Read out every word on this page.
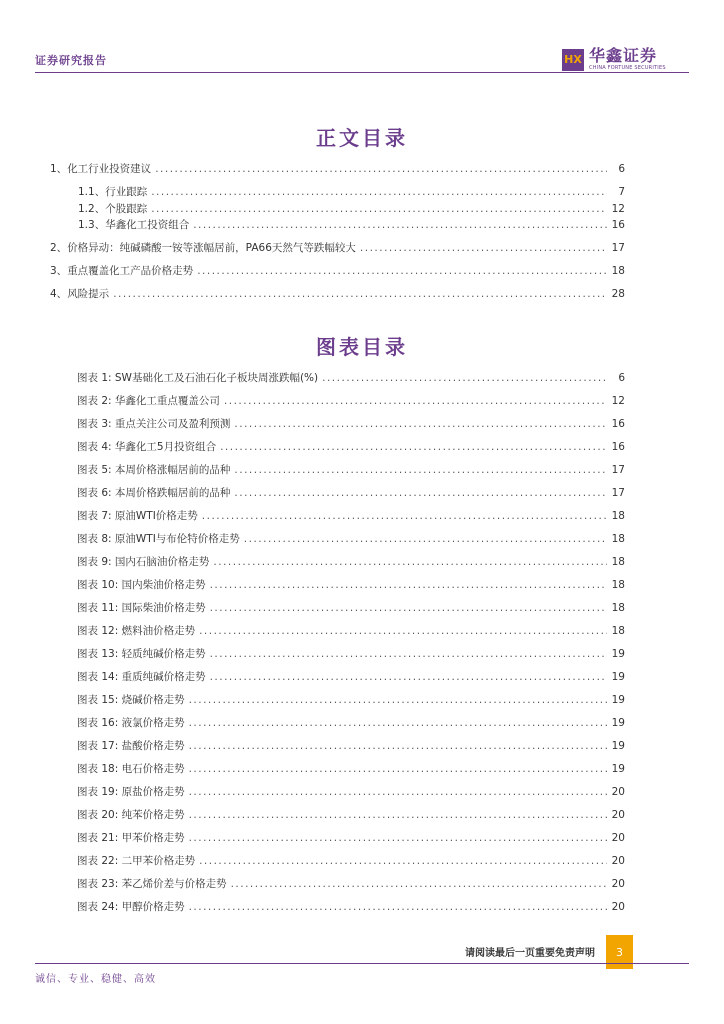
证券研究报告	HX 华鑫证券
CHINA FORTUNE SECURITIES
正文目录
1、 化工行业投资建议 .....	6
1.1、 行业跟踪 .....	7
1.2、 个股跟踪 .....	12
1.3、 华鑫化工投资组合 .....	16
2、 价格异动：纯碱磷酸一铵等涨幅居前，PA66天然气等跌幅较大 .....	17
3、 重点覆盖化工产品价格走势 .....	18
4、 风险提示 .....	28
图表目录
图表 1: SW基础化工及石油石化子板块周涨跌幅(%) .....	6
图表 2: 华鑫化工重点覆盖公司 .....	12
图表 3: 重点关注公司及盈利预测 .....	16
图表 4: 华鑫化工5月投资组合 .....	16
图表 5: 本周价格涨幅居前的品种 .....	17
图表 6: 本周价格跌幅居前的品种 .....	17
图表 7: 原油WTI价格走势 .....	18
图表 8: 原油WTI与布伦特价格走势 .....	18
图表 9: 国内石脑油价格走势 .....	18
图表 10: 国内柴油价格走势 .....	18
图表 11: 国际柴油价格走势 .....	18
图表 12: 燃料油价格走势 .....	18
图表 13: 轻质纯碱价格走势 .....	19
图表 14: 重质纯碱价格走势 .....	19
图表 15: 烧碱价格走势 .....	19
图表 16: 液氯价格走势 .....	19
图表 17: 盐酸价格走势 .....	19
图表 18: 电石价格走势 .....	19
图表 19: 原盐价格走势 .....	20
图表 20: 纯苯价格走势 .....	20
图表 21: 甲苯价格走势 .....	20
图表 22: 二甲苯价格走势 .....	20
图表 23: 苯乙烯价差与价格走势 .....	20
图表 24: 甲醇价格走势 .....	20
请阅读最后一页重要免责声明	3
诚信、专业、稳健、高效
